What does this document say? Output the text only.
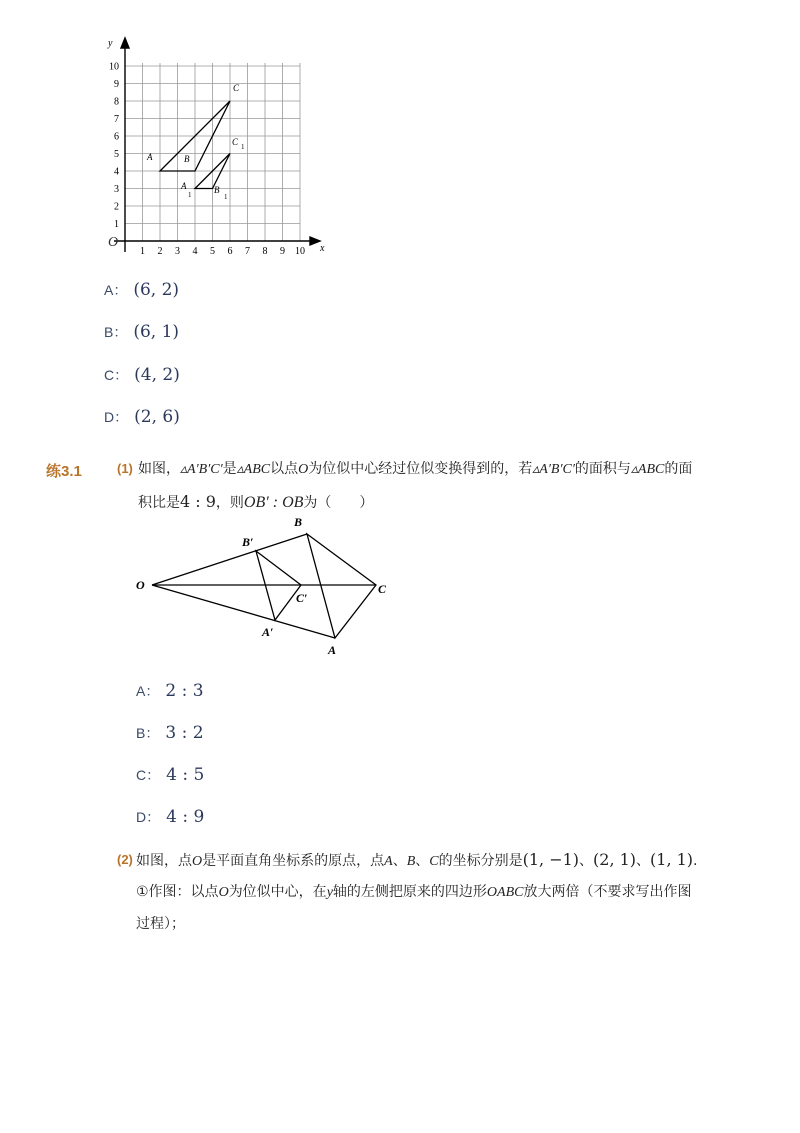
x
y
O
1 2 3 4 5 6 7 8 9 10
1
2
3
4
5
6
7
8
9
10
A	B
C
A
1	B
1
C 1
A： (6, 2)
B： (6, 1)
C： (4, 2)
D： (2, 6)
练3.1	(1) 如图，▵A′B′C′是▵ABC以点O为位似中心经过位似变换得到的，若▵A′B′C′的面积与▵ABC的面
积比是4 : 9，则OB′ : OB为（　　）
O
B
C
A
B′
C′
A′
A： 2 : 3
B： 3 : 2
C： 4 : 5
D： 4 : 9
(2) 如图，点O是平面直角坐标系的原点，点A、B、C的坐标分别是(1, −1)、(2, 1)、(1, 1).
①作图：以点O为位似中心，在y轴的左侧把原来的四边形OABC放大两倍（不要求写出作图
过程）；
